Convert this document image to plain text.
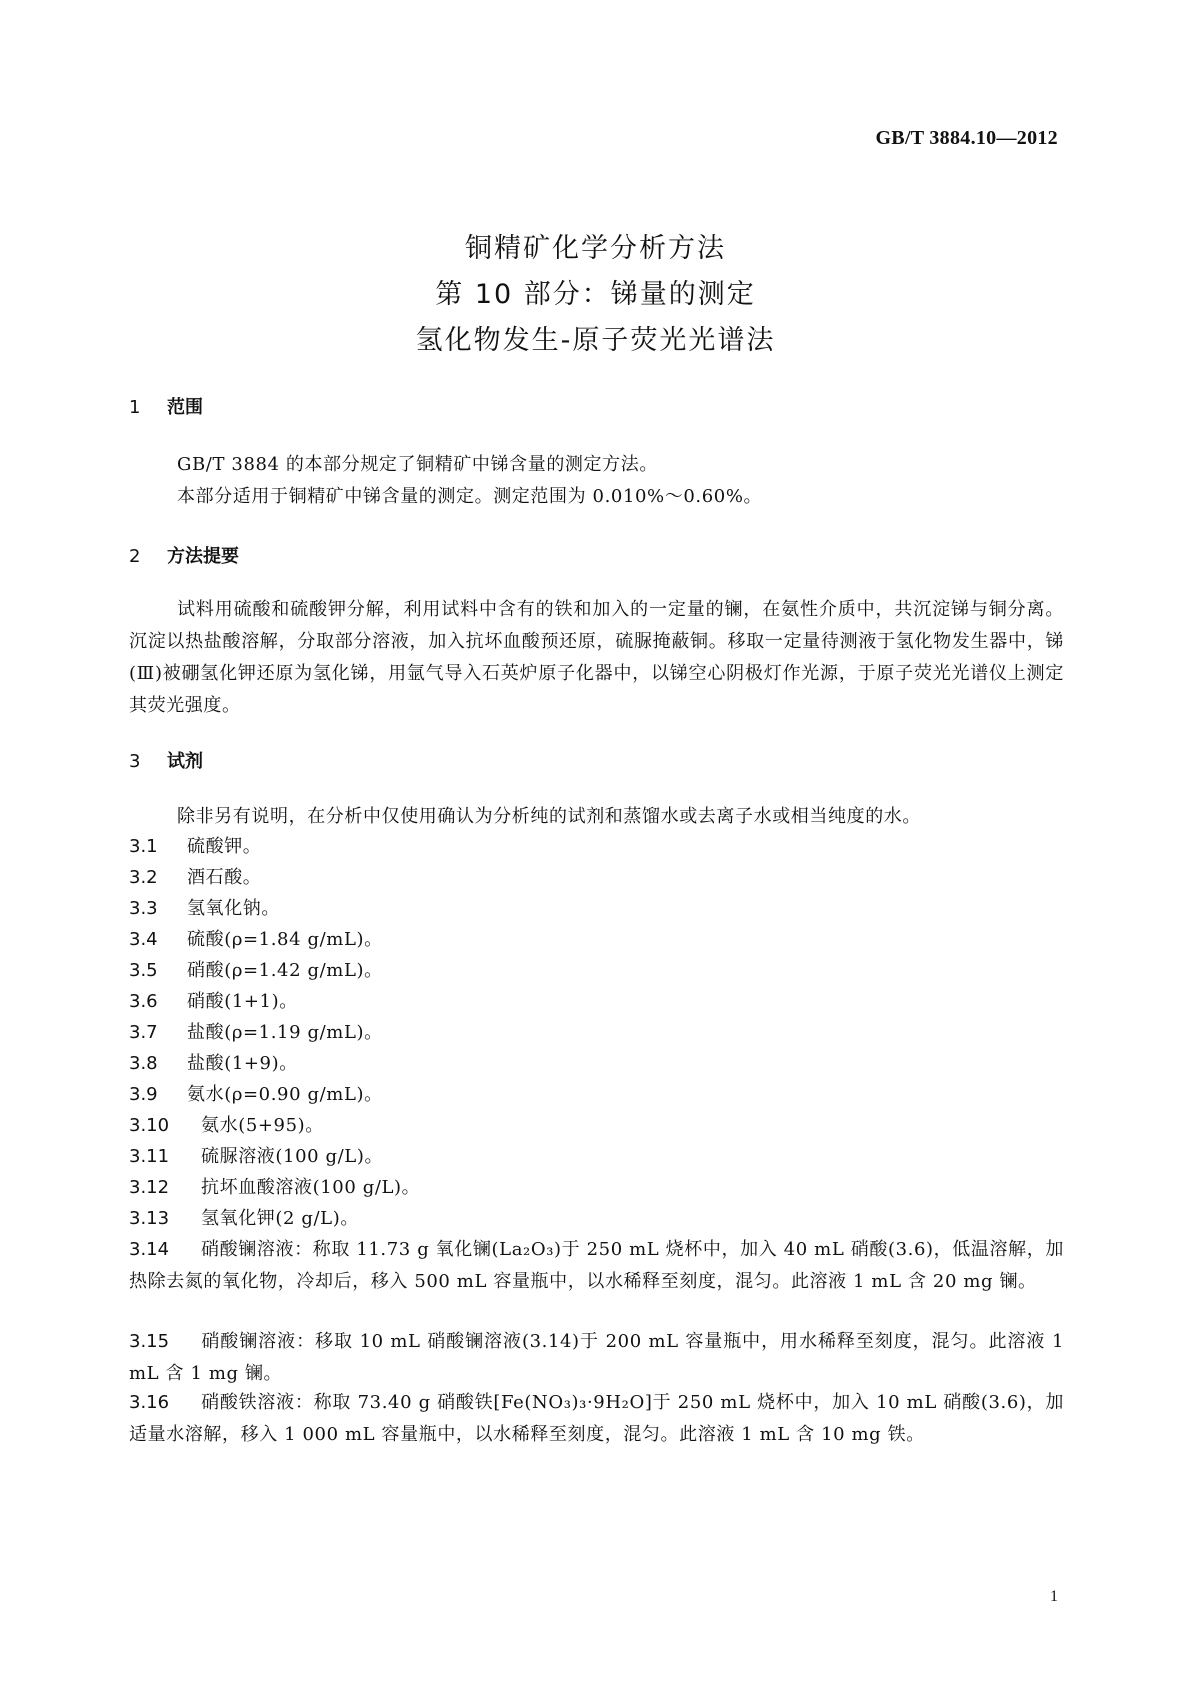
GB/T 3884.10—2012
铜精矿化学分析方法
第 10 部分：锑量的测定
氢化物发生-原子荧光光谱法
1 范围
GB/T 3884 的本部分规定了铜精矿中锑含量的测定方法。
本部分适用于铜精矿中锑含量的测定。测定范围为 0.010%～0.60%。
2 方法提要
试料用硫酸和硫酸钾分解，利用试料中含有的铁和加入的一定量的镧，在氨性介质中，共沉淀锑与铜分离。沉淀以热盐酸溶解，分取部分溶液，加入抗坏血酸预还原，硫脲掩蔽铜。移取一定量待测液于氢化物发生器中，锑(Ⅲ)被硼氢化钾还原为氢化锑，用氩气导入石英炉原子化器中，以锑空心阴极灯作光源，于原子荧光光谱仪上测定其荧光强度。
3 试剂
除非另有说明，在分析中仅使用确认为分析纯的试剂和蒸馏水或去离子水或相当纯度的水。
3.1 硫酸钾。
3.2 酒石酸。
3.3 氢氧化钠。
3.4 硫酸(ρ=1.84 g/mL)。
3.5 硝酸(ρ=1.42 g/mL)。
3.6 硝酸(1+1)。
3.7 盐酸(ρ=1.19 g/mL)。
3.8 盐酸(1+9)。
3.9 氨水(ρ=0.90 g/mL)。
3.10 氨水(5+95)。
3.11 硫脲溶液(100 g/L)。
3.12 抗坏血酸溶液(100 g/L)。
3.13 氢氧化钾(2 g/L)。
3.14 硝酸镧溶液：称取 11.73 g 氧化镧(La₂O₃)于 250 mL 烧杯中，加入 40 mL 硝酸(3.6)，低温溶解，加热除去氮的氧化物，冷却后，移入 500 mL 容量瓶中，以水稀释至刻度，混匀。此溶液 1 mL 含 20 mg 镧。
3.15 硝酸镧溶液：移取 10 mL 硝酸镧溶液(3.14)于 200 mL 容量瓶中，用水稀释至刻度，混匀。此溶液 1 mL 含 1 mg 镧。
3.16 硝酸铁溶液：称取 73.40 g 硝酸铁[Fe(NO₃)₃·9H₂O]于 250 mL 烧杯中，加入 10 mL 硝酸(3.6)，加适量水溶解，移入 1 000 mL 容量瓶中，以水稀释至刻度，混匀。此溶液 1 mL 含 10 mg 铁。
1
